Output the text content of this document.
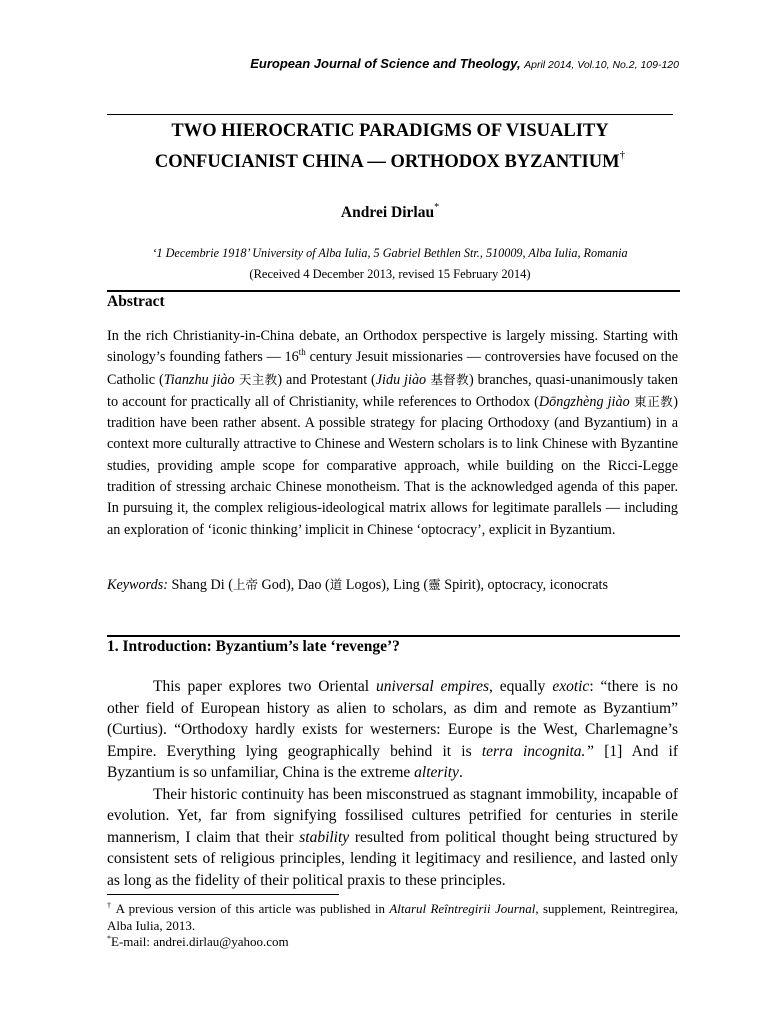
European Journal of Science and Theology, April 2014, Vol.10, No.2, 109-120
TWO HIEROCRATIC PARADIGMS OF VISUALITY
CONFUCIANIST CHINA — ORTHODOX BYZANTIUM†
Andrei Dirlau*
‘1 Decembrie 1918’ University of Alba Iulia, 5 Gabriel Bethlen Str., 510009, Alba Iulia, Romania
(Received 4 December 2013, revised 15 February 2014)
Abstract
In the rich Christianity-in-China debate, an Orthodox perspective is largely missing. Starting with sinology’s founding fathers — 16th century Jesuit missionaries — controversies have focused on the Catholic (Tianzhu jiào 天主教) and Protestant (Jidu jiào 基督教) branches, quasi-unanimously taken to account for practically all of Christianity, while references to Orthodox (Dōngzhèng jiào 東正教) tradition have been rather absent. A possible strategy for placing Orthodoxy (and Byzantium) in a context more culturally attractive to Chinese and Western scholars is to link Chinese with Byzantine studies, providing ample scope for comparative approach, while building on the Ricci-Legge tradition of stressing archaic Chinese monotheism. That is the acknowledged agenda of this paper. In pursuing it, the complex religious-ideological matrix allows for legitimate parallels — including an exploration of ‘iconic thinking’ implicit in Chinese ‘optocracy’, explicit in Byzantium.
Keywords: Shang Di (上帝 God), Dao (道 Logos), Ling (靈 Spirit), optocracy, iconocrats
1. Introduction: Byzantium’s late ‘revenge’?

This paper explores two Oriental universal empires, equally exotic: “there is no other field of European history as alien to scholars, as dim and remote as Byzantium” (Curtius). “Orthodoxy hardly exists for westerners: Europe is the West, Charlemagne’s Empire. Everything lying geographically behind it is terra incognita.” [1] And if Byzantium is so unfamiliar, China is the extreme alterity.

Their historic continuity has been misconstrued as stagnant immobility, incapable of evolution. Yet, far from signifying fossilised cultures petrified for centuries in sterile mannerism, I claim that their stability resulted from political thought being structured by consistent sets of religious principles, lending it legitimacy and resilience, and lasted only as long as the fidelity of their political praxis to these principles.

† A previous version of this article was published in Altarul Reîntregirii Journal, supplement, Reintregirea, Alba Iulia, 2013.

*E-mail: andrei.dirlau@yahoo.com
